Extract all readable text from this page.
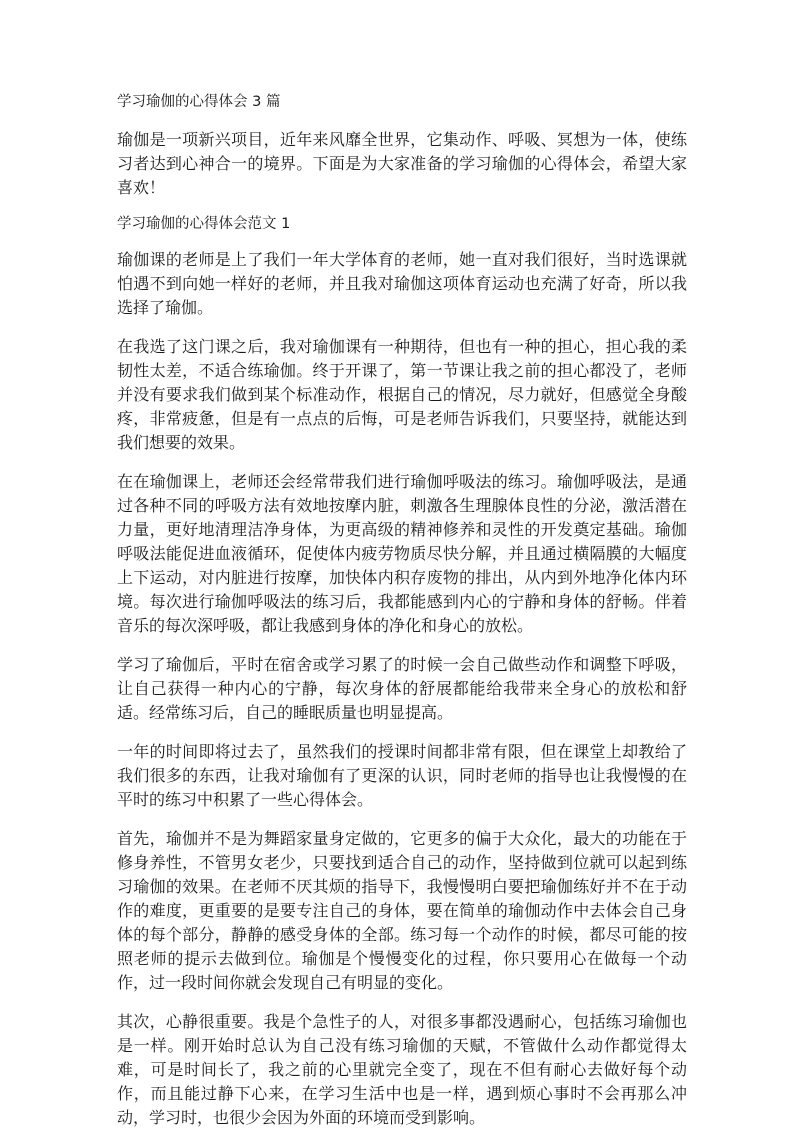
学习瑜伽的心得体会 3 篇

瑜伽是一项新兴项目，近年来风靡全世界，它集动作、呼吸、冥想为一体，使练习者达到心神合一的境界。下面是为大家准备的学习瑜伽的心得体会，希望大家喜欢！

学习瑜伽的心得体会范文 1

瑜伽课的老师是上了我们一年大学体育的老师，她一直对我们很好，当时选课就怕遇不到向她一样好的老师，并且我对瑜伽这项体育运动也充满了好奇，所以我选择了瑜伽。

在我选了这门课之后，我对瑜伽课有一种期待，但也有一种的担心，担心我的柔韧性太差，不适合练瑜伽。终于开课了，第一节课让我之前的担心都没了，老师并没有要求我们做到某个标准动作，根据自己的情况，尽力就好，但感觉全身酸疼，非常疲惫，但是有一点点的后悔，可是老师告诉我们，只要坚持，就能达到我们想要的效果。

在在瑜伽课上，老师还会经常带我们进行瑜伽呼吸法的练习。瑜伽呼吸法，是通过各种不同的呼吸方法有效地按摩内脏，刺激各生理腺体良性的分泌，激活潜在力量，更好地清理洁净身体，为更高级的精神修养和灵性的开发奠定基础。瑜伽呼吸法能促进血液循环，促使体内疲劳物质尽快分解，并且通过横隔膜的大幅度上下运动，对内脏进行按摩，加快体内积存废物的排出，从内到外地净化体内环境。每次进行瑜伽呼吸法的练习后，我都能感到内心的宁静和身体的舒畅。伴着音乐的每次深呼吸，都让我感到身体的净化和身心的放松。

学习了瑜伽后，平时在宿舍或学习累了的时候一会自己做些动作和调整下呼吸，让自己获得一种内心的宁静，每次身体的舒展都能给我带来全身心的放松和舒适。经常练习后，自己的睡眠质量也明显提高。

一年的时间即将过去了，虽然我们的授课时间都非常有限，但在课堂上却教给了我们很多的东西，让我对瑜伽有了更深的认识，同时老师的指导也让我慢慢的在平时的练习中积累了一些心得体会。

首先，瑜伽并不是为舞蹈家量身定做的，它更多的偏于大众化，最大的功能在于修身养性，不管男女老少，只要找到适合自己的动作，坚持做到位就可以起到练习瑜伽的效果。在老师不厌其烦的指导下，我慢慢明白要把瑜伽练好并不在于动作的难度，更重要的是要专注自己的身体，要在简单的瑜伽动作中去体会自己身体的每个部分，静静的感受身体的全部。练习每一个动作的时候，都尽可能的按照老师的提示去做到位。瑜伽是个慢慢变化的过程，你只要用心在做每一个动作，过一段时间你就会发现自己有明显的变化。

其次，心静很重要。我是个急性子的人，对很多事都没遇耐心，包括练习瑜伽也是一样。刚开始时总认为自己没有练习瑜伽的天赋，不管做什么动作都觉得太难，可是时间长了，我之前的心里就完全变了，现在不但有耐心去做好每个动作，而且能过静下心来，在学习生活中也是一样，遇到烦心事时不会再那么冲动，学习时，也很少会因为外面的环境而受到影响。
